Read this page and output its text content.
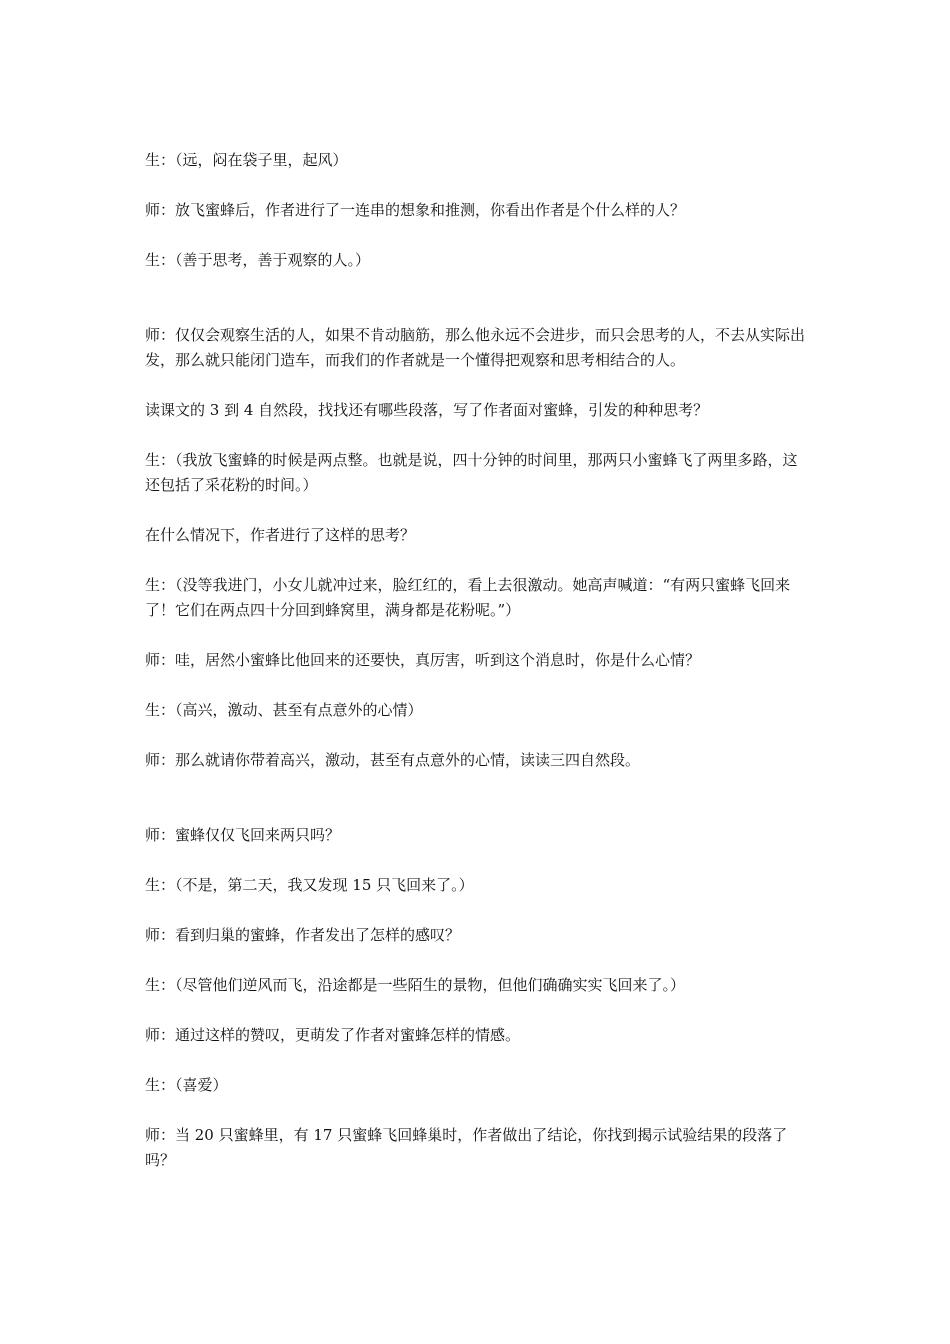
生：（远，闷在袋子里，起风）

师：放飞蜜蜂后，作者进行了一连串的想象和推测，你看出作者是个什么样的人？

生：（善于思考，善于观察的人。）

师：仅仅会观察生活的人，如果不肯动脑筋，那么他永远不会进步，而只会思考的人，不去从实际出发，那么就只能闭门造车，而我们的作者就是一个懂得把观察和思考相结合的人。

读课文的 3 到 4 自然段，找找还有哪些段落，写了作者面对蜜蜂，引发的种种思考？

生：（我放飞蜜蜂的时候是两点整。也就是说，四十分钟的时间里，那两只小蜜蜂飞了两里多路，这还包括了采花粉的时间。）

在什么情况下，作者进行了这样的思考？

生：（没等我进门，小女儿就冲过来，脸红红的，看上去很激动。她高声喊道：“有两只蜜蜂飞回来了！它们在两点四十分回到蜂窝里，满身都是花粉呢。”）

师：哇，居然小蜜蜂比他回来的还要快，真厉害，听到这个消息时，你是什么心情？

生：（高兴，激动、甚至有点意外的心情）

师：那么就请你带着高兴，激动，甚至有点意外的心情，读读三四自然段。

师：蜜蜂仅仅飞回来两只吗？

生：（不是，第二天，我又发现 15 只飞回来了。）

师：看到归巢的蜜蜂，作者发出了怎样的感叹？

生：（尽管他们逆风而飞，沿途都是一些陌生的景物，但他们确确实实飞回来了。）

师：通过这样的赞叹，更萌发了作者对蜜蜂怎样的情感。

生：（喜爱）

师：当 20 只蜜蜂里，有 17 只蜜蜂飞回蜂巢时，作者做出了结论，你找到揭示试验结果的段落了吗？
